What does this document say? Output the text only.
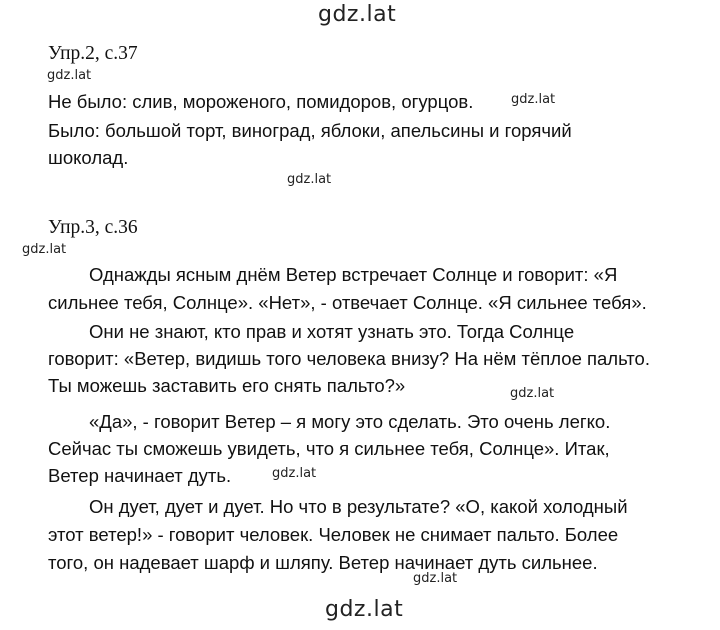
gdz.lat
gdz.lat
gdz.lat
gdz.lat
gdz.lat
gdz.lat
gdz.lat
gdz.lat
gdz.lat
Упр.2, с.37
Не было: слив, мороженого, помидоров, огурцов.
Было: большой торт, виноград, яблоки, апельсины и горячий
шоколад.
Упр.3, с.36
Однажды ясным днём Ветер встречает Солнце и говорит: «Я
сильнее тебя, Солнце». «Нет», - отвечает Солнце. «Я сильнее тебя».
Они не знают, кто прав и хотят узнать это. Тогда Солнце
говорит: «Ветер, видишь того человека внизу? На нём тёплое пальто.
Ты можешь заставить его снять пальто?»
«Да», - говорит Ветер – я могу это сделать. Это очень легко.
Сейчас ты сможешь увидеть, что я сильнее тебя, Солнце». Итак,
Ветер начинает дуть.
Он дует, дует и дует. Но что в результате? «О, какой холодный
этот ветер!» - говорит человек. Человек не снимает пальто. Более
того, он надевает шарф и шляпу. Ветер начинает дуть сильнее.
